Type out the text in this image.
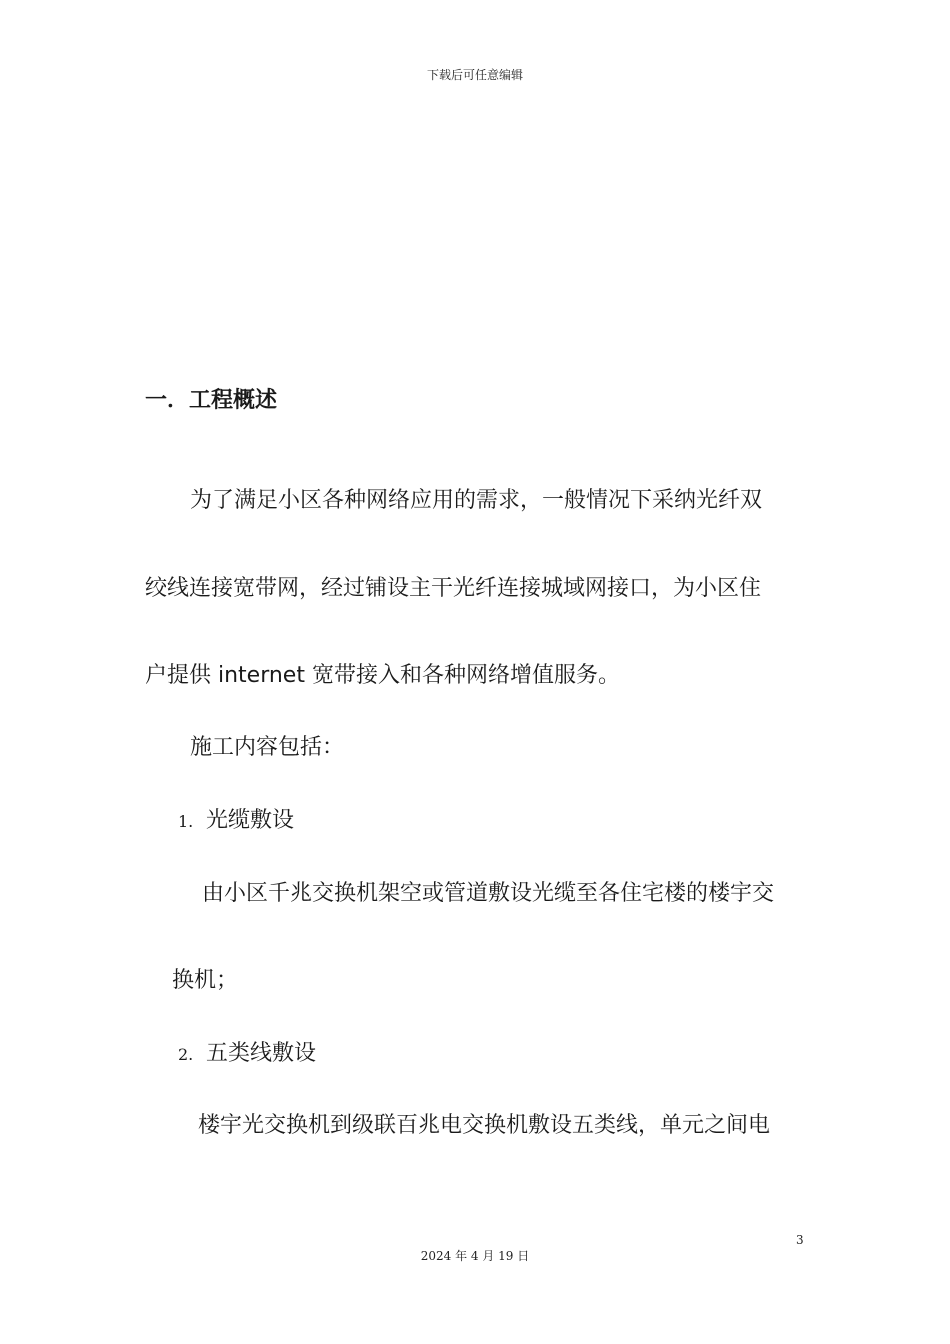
下载后可任意编辑
一．工程概述
为了满足小区各种网络应用的需求，一般情况下采纳光纤双
绞线连接宽带网，经过铺设主干光纤连接城域网接口，为小区住
户提供 internet 宽带接入和各种网络增值服务。
施工内容包括：
1. 光缆敷设
由小区千兆交换机架空或管道敷设光缆至各住宅楼的楼宇交
换机；
2. 五类线敷设
楼宇光交换机到级联百兆电交换机敷设五类线，单元之间电
3
2024 年 4 月 19 日
